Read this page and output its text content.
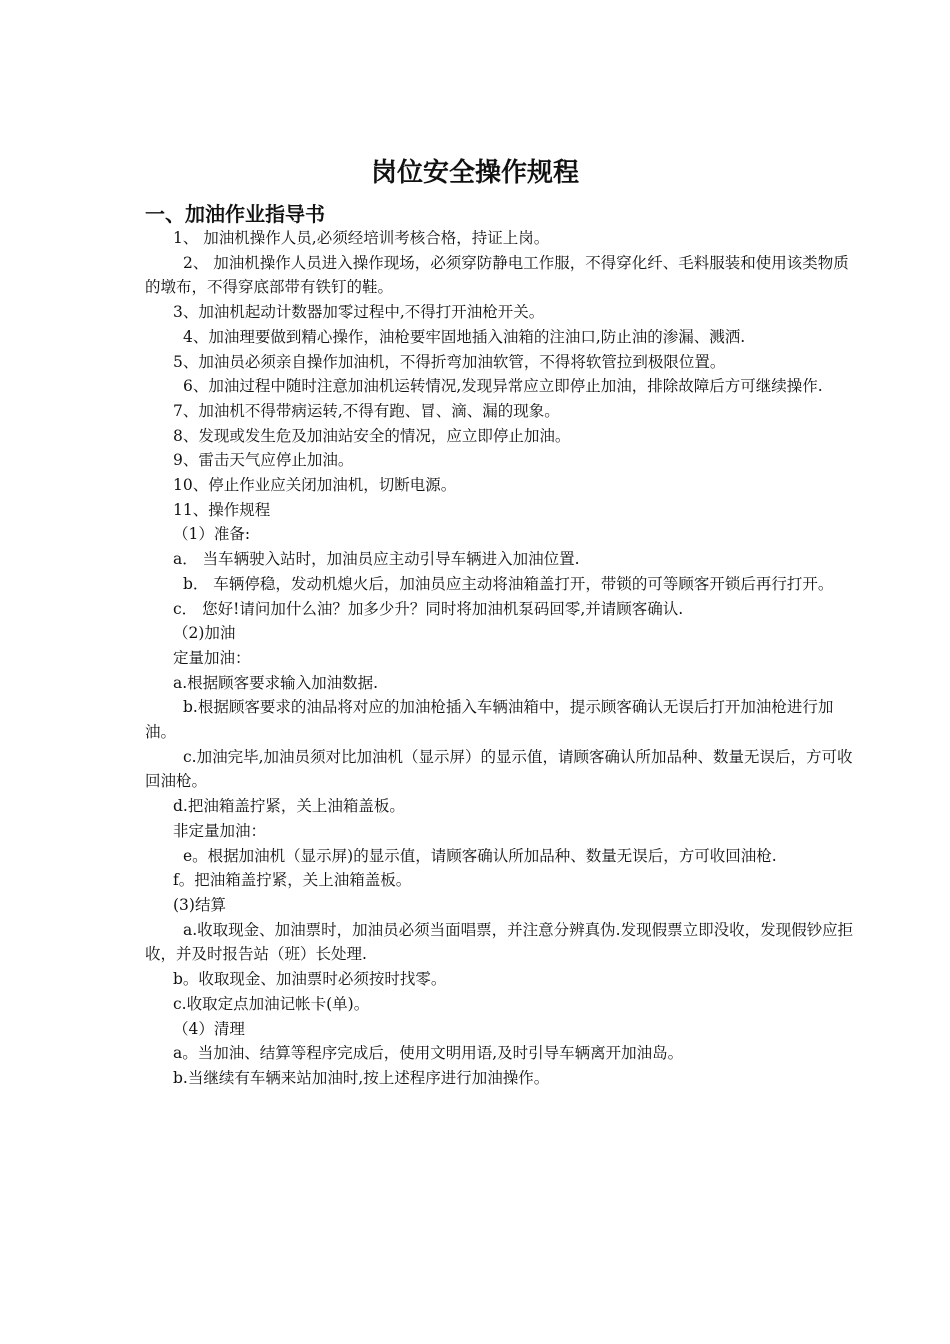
岗位安全操作规程
一、加油作业指导书

1、 加油机操作人员,必须经培训考核合格，持证上岗。

2、 加油机操作人员进入操作现场，必须穿防静电工作服，不得穿化纤、毛料服装和使用该类物质的墩布，不得穿底部带有铁钉的鞋。

3、加油机起动计数器加零过程中,不得打开油枪开关。

4、加油理要做到精心操作，油枪要牢固地插入油箱的注油口,防止油的渗漏、溅洒.

5、加油员必须亲自操作加油机，不得折弯加油软管，不得将软管拉到极限位置。

6、加油过程中随时注意加油机运转情况,发现异常应立即停止加油，排除故障后方可继续操作.

7、加油机不得带病运转,不得有跑、冒、滴、漏的现象。

8、发现或发生危及加油站安全的情况，应立即停止加油。

9、雷击天气应停止加油。

10、停止作业应关闭加油机，切断电源。

11、操作规程

（1）准备:

a． 当车辆驶入站时，加油员应主动引导车辆进入加油位置.

b． 车辆停稳，发动机熄火后，加油员应主动将油箱盖打开，带锁的可等顾客开锁后再行打开。

c． 您好!请问加什么油？加多少升？同时将加油机泵码回零,并请顾客确认.

（2)加油

定量加油：

a.根据顾客要求输入加油数据.

b.根据顾客要求的油品将对应的加油枪插入车辆油箱中，提示顾客确认无误后打开加油枪进行加油。

c.加油完毕,加油员须对比加油机（显示屏）的显示值，请顾客确认所加品种、数量无误后，方可收回油枪。

d.把油箱盖拧紧，关上油箱盖板。

非定量加油：

e。根据加油机（显示屏)的显示值，请顾客确认所加品种、数量无误后，方可收回油枪.

f。把油箱盖拧紧，关上油箱盖板。

(3)结算

a.收取现金、加油票时，加油员必须当面唱票，并注意分辨真伪.发现假票立即没收，发现假钞应拒收，并及时报告站（班）长处理.

b。收取现金、加油票时必须按时找零。

c.收取定点加油记帐卡(单)。

（4）清理

a。当加油、结算等程序完成后，使用文明用语,及时引导车辆离开加油岛。

b.当继续有车辆来站加油时,按上述程序进行加油操作。
